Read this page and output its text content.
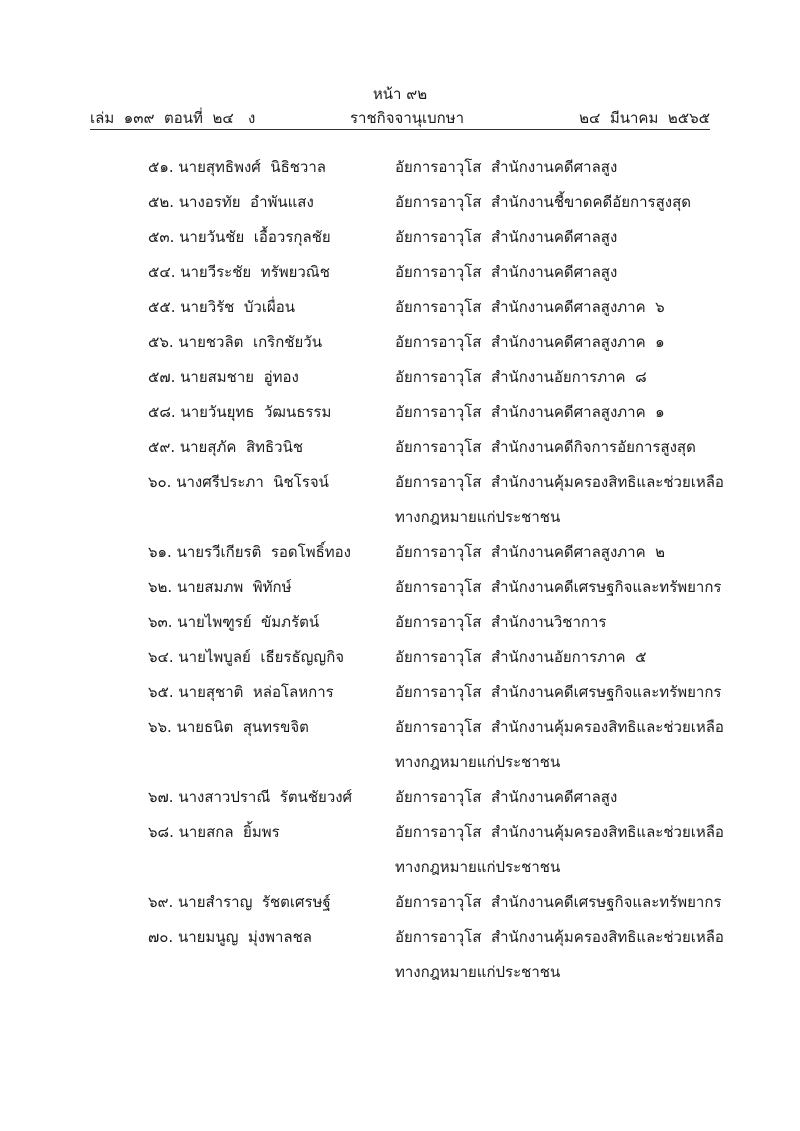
หน้า ๙๒
เล่ม  ๑๓๙  ตอนที่  ๒๔   ง	ราชกิจจานุเบกษา	๒๔  มีนาคม  ๒๕๖๕
๕๑. นายสุทธิพงศ์  นิธิชวาล	อัยการอาวุโส  สำนักงานคดีศาลสูง
๕๒. นางอรทัย  อำพันแสง	อัยการอาวุโส  สำนักงานชี้ขาดคดีอัยการสูงสุด
๕๓. นายวันชัย  เอื้อวรกุลชัย	อัยการอาวุโส  สำนักงานคดีศาลสูง
๕๔. นายวีระชัย  ทรัพยวณิช	อัยการอาวุโส  สำนักงานคดีศาลสูง
๕๕. นายวิรัช  บัวเผื่อน	อัยการอาวุโส  สำนักงานคดีศาลสูงภาค  ๖
๕๖. นายชวลิต  เกริกชัยวัน	อัยการอาวุโส  สำนักงานคดีศาลสูงภาค  ๑
๕๗. นายสมชาย  อู่ทอง	อัยการอาวุโส  สำนักงานอัยการภาค  ๘
๕๘. นายวันยุทธ  วัฒนธรรม	อัยการอาวุโส  สำนักงานคดีศาลสูงภาค  ๑
๕๙. นายสุภัค  สิทธิวนิช	อัยการอาวุโส  สำนักงานคดีกิจการอัยการสูงสุด
๖๐. นางศรีประภา  นิชโรจน์	อัยการอาวุโส  สำนักงานคุ้มครองสิทธิและช่วยเหลือ
ทางกฎหมายแก่ประชาชน
๖๑. นายรวีเกียรติ  รอดโพธิ์ทอง	อัยการอาวุโส  สำนักงานคดีศาลสูงภาค  ๒
๖๒. นายสมภพ  พิทักษ์	อัยการอาวุโส  สำนักงานคดีเศรษฐกิจและทรัพยากร
๖๓. นายไพฑูรย์  ขัมภรัตน์	อัยการอาวุโส  สำนักงานวิชาการ
๖๔. นายไพบูลย์  เธียรธัญญกิจ	อัยการอาวุโส  สำนักงานอัยการภาค  ๕
๖๕. นายสุชาติ  หล่อโลหการ	อัยการอาวุโส  สำนักงานคดีเศรษฐกิจและทรัพยากร
๖๖. นายธนิต  สุนทรขจิต	อัยการอาวุโส  สำนักงานคุ้มครองสิทธิและช่วยเหลือ
ทางกฎหมายแก่ประชาชน
๖๗. นางสาวปราณี  รัตนชัยวงศ์	อัยการอาวุโส  สำนักงานคดีศาลสูง
๖๘. นายสกล  ยิ้มพร	อัยการอาวุโส  สำนักงานคุ้มครองสิทธิและช่วยเหลือ
ทางกฎหมายแก่ประชาชน
๖๙. นายสำราญ  รัชตเศรษฐ์	อัยการอาวุโส  สำนักงานคดีเศรษฐกิจและทรัพยากร
๗๐. นายมนูญ  มุ่งพาลชล	อัยการอาวุโส  สำนักงานคุ้มครองสิทธิและช่วยเหลือ
ทางกฎหมายแก่ประชาชน
